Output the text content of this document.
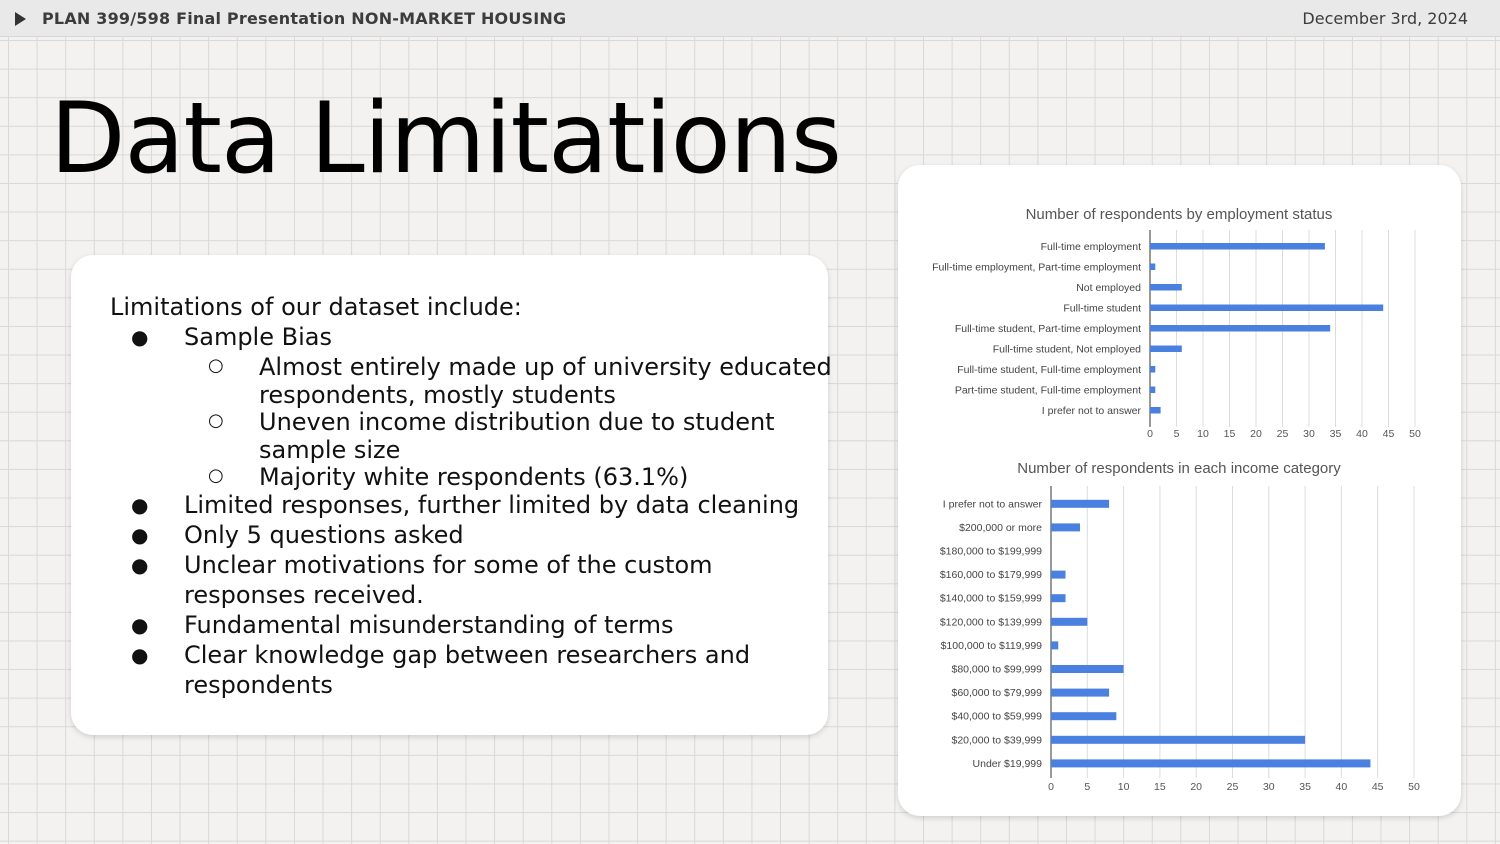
PLAN 399/598 Final Presentation NON-MARKET HOUSING	December 3rd, 2024
Data Limitations
Limitations of our dataset include:
● Sample Bias
○ Almost entirely made up of university educated
respondents, mostly students
○ Uneven income distribution due to student
sample size
○ Majority white respondents (63.1%)
● Limited responses, further limited by data cleaning
● Only 5 questions asked
● Unclear motivations for some of the custom
responses received.
● Fundamental misunderstanding of terms
● Clear knowledge gap between researchers and
respondents
Number of respondents by employment status
0 5 10 15 20 25 30 35 40 45 50
Full-time employment
Full-time employment, Part-time employment
Not employed
Full-time student
Full-time student, Part-time employment
Full-time student, Not employed
Full-time student, Full-time employment
Part-time student, Full-time employment
I prefer not to answer
Number of respondents in each income category
0	5	10 15 20 25 30 35 40 45 50
I prefer not to answer
$200,000 or more
$180,000 to $199,999
$160,000 to $179,999
$140,000 to $159,999
$120,000 to $139,999
$100,000 to $119,999
$80,000 to $99,999
$60,000 to $79,999
$40,000 to $59,999
$20,000 to $39,999
Under $19,999
